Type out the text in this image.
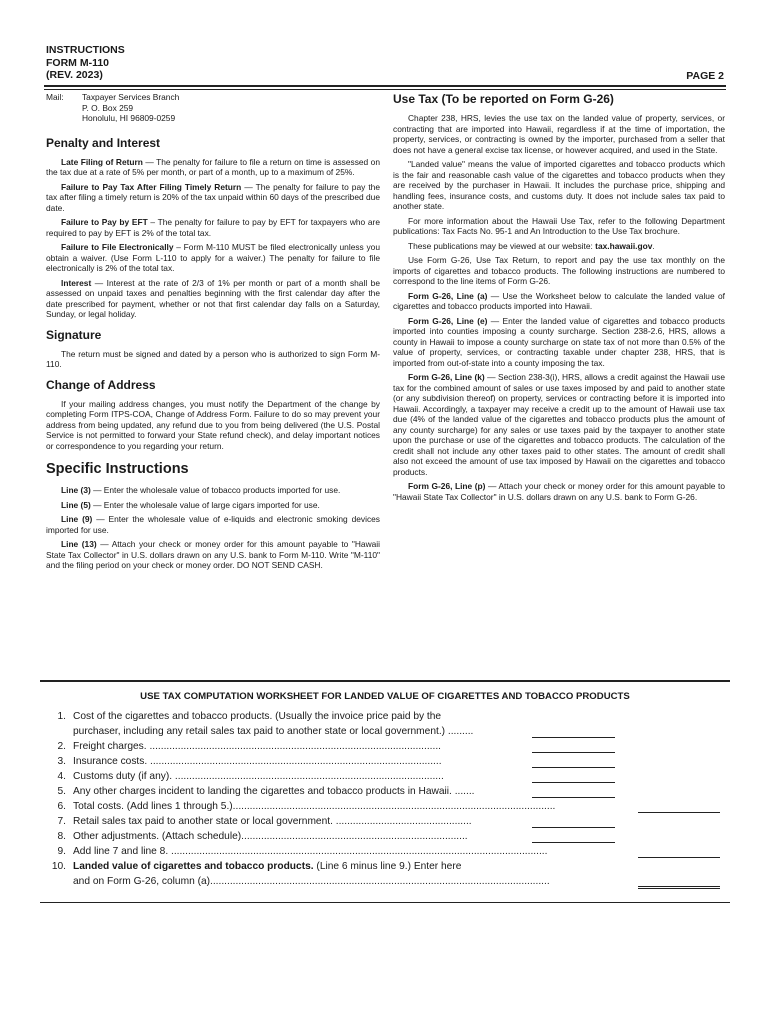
INSTRUCTIONS
FORM M-110
(REV. 2023)	PAGE 2
Mail:	Taxpayer Services Branch
P. O. Box 259
Honolulu, HI 96809-0259
Penalty and Interest

Late Filing of Return — The penalty for failure to file a return on time is assessed on the tax due at a rate of 5% per month, or part of a month, up to a maximum of 25%.

Failure to Pay Tax After Filing Timely Return — The penalty for failure to pay the tax after filing a timely return is 20% of the tax unpaid within 60 days of the prescribed due date.

Failure to Pay by EFT – The penalty for failure to pay by EFT for taxpayers who are required to pay by EFT is 2% of the total tax.

Failure to File Electronically – Form M-110 MUST be filed electronically unless you obtain a waiver. (Use Form L-110 to apply for a waiver.) The penalty for failure to file electronically is 2% of the total tax.

Interest — Interest at the rate of 2/3 of 1% per month or part of a month shall be assessed on unpaid taxes and penalties beginning with the first calendar day after the date prescribed for payment, whether or not that first calendar day falls on a Saturday, Sunday, or legal holiday.

Signature

The return must be signed and dated by a person who is authorized to sign Form M-110.

Change of Address

If your mailing address changes, you must notify the Department of the change by completing Form ITPS-COA, Change of Address Form. Failure to do so may prevent your address from being updated, any refund due to you from being delivered (the U.S. Postal Service is not permitted to forward your State refund check), and delay important notices or correspondence to you regarding your return.

Specific Instructions

Line (3) — Enter the wholesale value of tobacco products imported for use.

Line (5) — Enter the wholesale value of large cigars imported for use.

Line (9) — Enter the wholesale value of e-liquids and electronic smoking devices imported for use.

Line (13) — Attach your check or money order for this amount payable to "Hawaii State Tax Collector" in U.S. dollars drawn on any U.S. bank to Form M-110. Write "M-110" and the filing period on your check or money order. DO NOT SEND CASH.

Use Tax (To be reported on Form G-26)

Chapter 238, HRS, levies the use tax on the landed value of property, services, or contracting that are imported into Hawaii, regardless if at the time of importation, the property, services, or contracting is owned by the importer, purchased from a seller that does not have a general excise tax license, or however acquired, and used in the State.

"Landed value" means the value of imported cigarettes and tobacco products which is the fair and reasonable cash value of the cigarettes and tobacco products when they are received by the purchaser in Hawaii. It includes the purchase price, shipping and handling fees, insurance costs, and customs duty. It does not include sales tax paid to another state.

For more information about the Hawaii Use Tax, refer to the following Department publications: Tax Facts No. 95-1 and An Introduction to the Use Tax brochure.

These publications may be viewed at our website: tax.hawaii.gov.

Use Form G-26, Use Tax Return, to report and pay the use tax monthly on the imports of cigarettes and tobacco products. The following instructions are numbered to correspond to the line items of Form G-26.

Form G-26, Line (a) — Use the Worksheet below to calculate the landed value of cigarettes and tobacco products imported into Hawaii.

Form G-26, Line (e) — Enter the landed value of cigarettes and tobacco products imported into counties imposing a county surcharge. Section 238-2.6, HRS, allows a county in Hawaii to impose a county surcharge on state tax of not more than 0.5% of the value of property, services, or contracting taxable under chapter 238, HRS, that is imported from out-of-state into a county imposing the tax.

Form G-26, Line (k) — Section 238-3(i), HRS, allows a credit against the Hawaii use tax for the combined amount of sales or use taxes imposed by and paid to another state (or any subdivision thereof) on property, services or contracting before it is imported into Hawaii. Accordingly, a taxpayer may receive a credit up to the amount of Hawaii use tax due (4% of the landed value of the cigarettes and tobacco products plus the amount of any county surcharge) for any sales or use taxes paid by the taxpayer to another state upon the purchase or use of the cigarettes and tobacco products. The calculation of the credit shall not include any other taxes paid to other states. The amount of credit shall also not exceed the amount of use tax imposed by Hawaii on the cigarettes and tobacco products.

Form G-26, Line (p) — Attach your check or money order for this amount payable to "Hawaii State Tax Collector" in U.S. dollars drawn on any U.S. bank to Form G-26.

USE TAX COMPUTATION WORKSHEET FOR LANDED VALUE OF CIGARETTES AND TOBACCO PRODUCTS
1. Cost of the cigarettes and tobacco products. (Usually the invoice price paid by the
purchaser, including any retail sales tax paid to another state or local government.) .........
2. Freight charges. .......................................................................................................
3. Insurance costs. .......................................................................................................
4. Customs duty (if any). ...............................................................................................
5. Any other charges incident to landing the cigarettes and tobacco products in Hawaii. .......
6. Total costs. (Add lines 1 through 5.)..................................................................................................................
7. Retail sales tax paid to another state or local government. ................................................
8. Other adjustments. (Attach schedule)................................................................................
9. Add line 7 and line 8. .....................................................................................................................................
10. Landed value of cigarettes and tobacco products. (Line 6 minus line 9.) Enter here
and on Form G-26, column (a)........................................................................................................................
